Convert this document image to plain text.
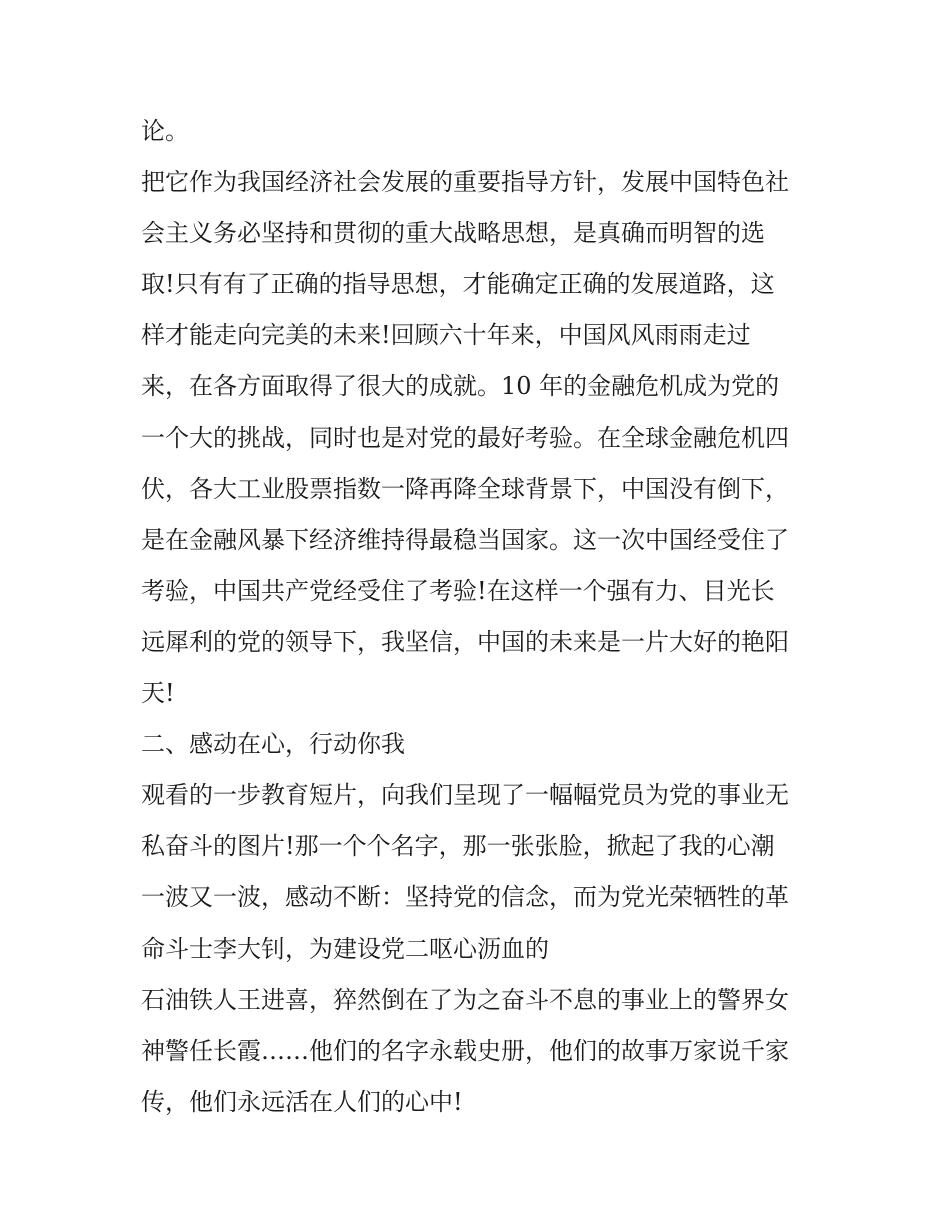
论。
把它作为我国经济社会发展的重要指导方针，发展中国特色社
会主义务必坚持和贯彻的重大战略思想，是真确而明智的选
取!只有有了正确的指导思想，才能确定正确的发展道路，这
样才能走向完美的未来!回顾六十年来，中国风风雨雨走过
来，在各方面取得了很大的成就。10 年的金融危机成为党的
一个大的挑战，同时也是对党的最好考验。在全球金融危机四
伏，各大工业股票指数一降再降全球背景下，中国没有倒下，
是在金融风暴下经济维持得最稳当国家。这一次中国经受住了
考验，中国共产党经受住了考验!在这样一个强有力、目光长
远犀利的党的领导下，我坚信，中国的未来是一片大好的艳阳
天!
二、感动在心，行动你我
观看的一步教育短片，向我们呈现了一幅幅党员为党的事业无
私奋斗的图片!那一个个名字，那一张张脸，掀起了我的心潮
一波又一波，感动不断：坚持党的信念，而为党光荣牺牲的革
命斗士李大钊，为建设党二呕心沥血的
石油铁人王进喜，猝然倒在了为之奋斗不息的事业上的警界女
神警任长霞……他们的名字永载史册，他们的故事万家说千家
传，他们永远活在人们的心中!
